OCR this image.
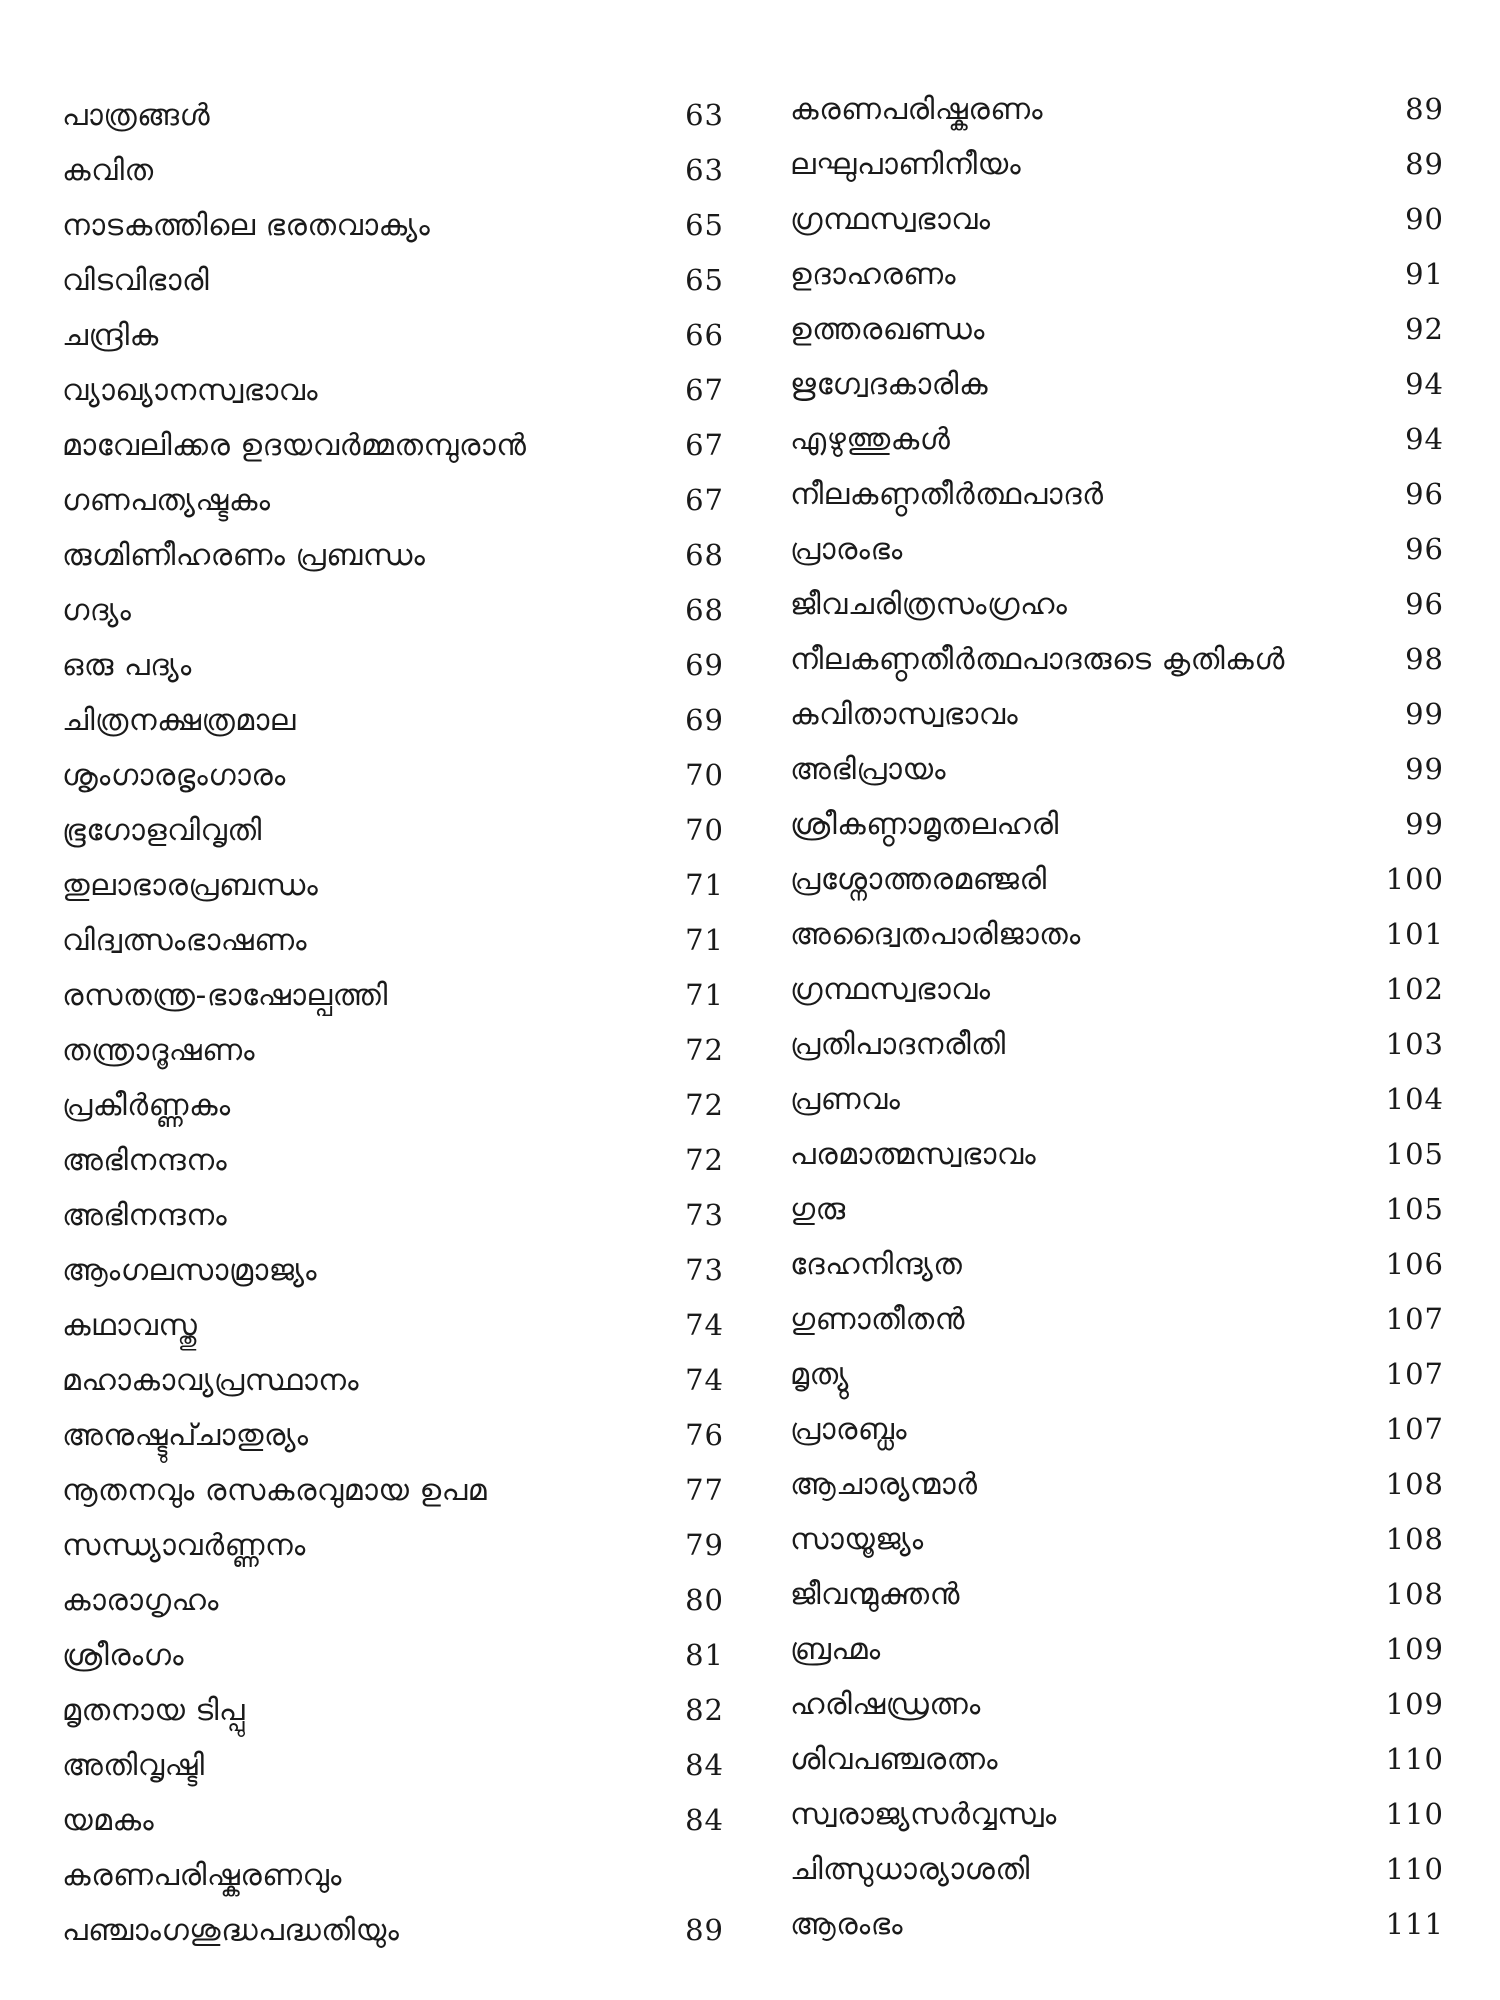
പാത്രങ്ങൾ	63
കവിത	63
നാടകത്തിലെ ഭരതവാക്യം	65
വിടവിഭാരി	65
ചന്ദ്രിക	66
വ്യാഖ്യാനസ്വഭാവം	67
മാവേലിക്കര ഉദയവർമ്മതമ്പുരാൻ	67
ഗണപത്യഷ്ടകം	67
രുഗ്മിണീഹരണം പ്രബന്ധം	68
ഗദ്യം	68
ഒരു പദ്യം	69
ചിത്രനക്ഷത്രമാല	69
ശൃംഗാരഭൃംഗാരം	70
ഭൂഗോളവിവൃതി	70
തുലാഭാരപ്രബന്ധം	71
വിദ്വത്സംഭാഷണം	71
രസതന്ത്ര-ഭാഷോല്പത്തി	71
തന്ത്രാദൂഷണം	72
പ്രകീർണ്ണകം	72
അഭിനന്ദനം	72
അഭിനന്ദനം	73
ആംഗലസാമ്രാജ്യം	73
കഥാവസ്തു	74
മഹാകാവ്യപ്രസ്ഥാനം	74
അനുഷ്ടുപ്ചാതുര്യം	76
നൂതനവും രസകരവുമായ ഉപമ	77
സന്ധ്യാവർണ്ണനം	79
കാരാഗൃഹം	80
ശ്രീരംഗം	81
മൃതനായ ടിപ്പു	82
അതിവൃഷ്ടി	84
യമകം	84
കരണപരിഷ്കരണവും
പഞ്ചാംഗശുദ്ധപദ്ധതിയും	89
കരണപരിഷ്കരണം	89
ലഘുപാണിനീയം	89
ഗ്രന്ഥസ്വഭാവം	90
ഉദാഹരണം	91
ഉത്തരഖണ്ഡം	92
ഋഗ്വേദകാരിക	94
എഴുത്തുകൾ	94
നീലകണ്ഠതീർത്ഥപാദർ	96
പ്രാരംഭം	96
ജീവചരിത്രസംഗ്രഹം	96
നീലകണ്ഠതീർത്ഥപാദരുടെ കൃതികൾ	98
കവിതാസ്വഭാവം	99
അഭിപ്രായം	99
ശ്രീകണ്ഠാമൃതലഹരി	99
പ്രശ്നോത്തരമഞ്ജരി	100
അദ്വൈതപാരിജാതം	101
ഗ്രന്ഥസ്വഭാവം	102
പ്രതിപാദനരീതി	103
പ്രണവം	104
പരമാത്മസ്വഭാവം	105
ഗുരു	105
ദേഹനിന്ദ്യത	106
ഗുണാതീതൻ	107
മൃത്യു	107
പ്രാരബ്ധം	107
ആചാര്യന്മാർ	108
സായൂജ്യം	108
ജീവന്മുക്തൻ	108
ബ്രഹ്മം	109
ഹരിഷഡ്രത്നം	109
ശിവപഞ്ചരത്നം	110
സ്വരാജ്യസർവ്വസ്വം	110
ചിത്സുധാര്യാശതി	110
ആരംഭം	111
